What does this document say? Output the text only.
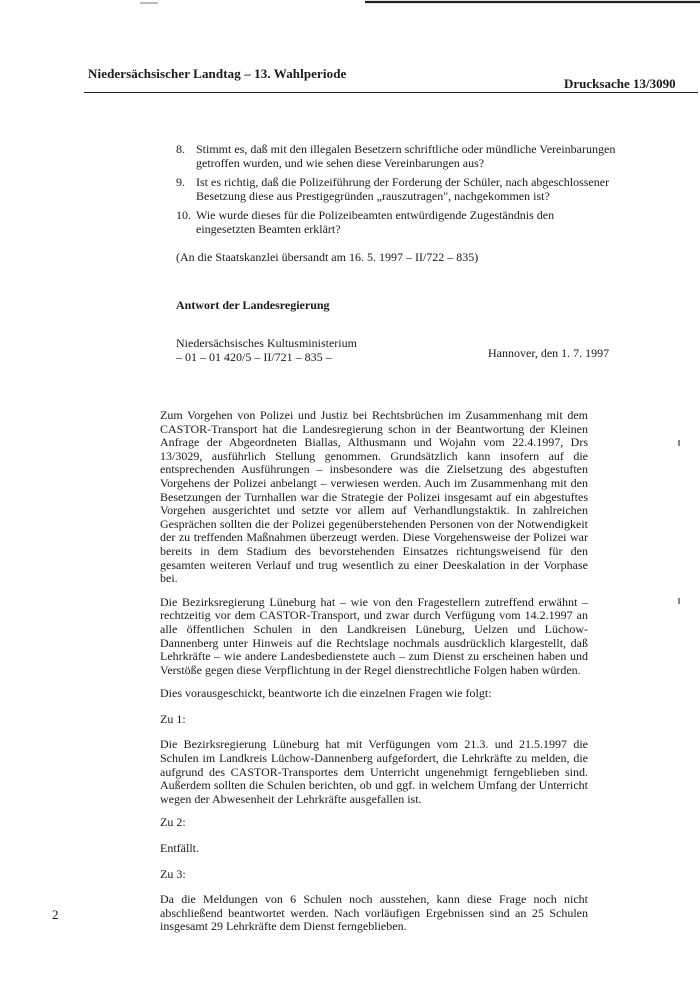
Niedersächsischer Landtag – 13. Wahlperiode
Drucksache 13/3090
8. Stimmt es, daß mit den illegalen Besetzern schriftliche oder mündliche Vereinbarungen getroffen wurden, und wie sehen diese Vereinbarungen aus?
9. Ist es richtig, daß die Polizeiführung der Forderung der Schüler, nach abgeschlossener Besetzung diese aus Prestigegründen „rauszutragen", nachgekommen ist?
10. Wie wurde dieses für die Polizeibeamten entwürdigende Zugeständnis den eingesetzten Beamten erklärt?
(An die Staatskanzlei übersandt am 16. 5. 1997 – II/722 – 835)
Antwort der Landesregierung
Niedersächsisches Kultusministerium
– 01 – 01 420/5 – II/721 – 835 –	Hannover, den 1. 7. 1997

Zum Vorgehen von Polizei und Justiz bei Rechtsbrüchen im Zusammenhang mit dem CASTOR-Transport hat die Landesregierung schon in der Beantwortung der Kleinen Anfrage der Abgeordneten Biallas, Althusmann und Wojahn vom 22.4.1997, Drs 13/3029, ausführlich Stellung genommen. Grundsätzlich kann insofern auf die entsprechenden Ausführungen – insbesondere was die Zielsetzung des abgestuften Vorgehens der Polizei anbelangt – verwiesen werden. Auch im Zusammenhang mit den Besetzungen der Turnhallen war die Strategie der Polizei insgesamt auf ein abgestuftes Vorgehen ausgerichtet und setzte vor allem auf Verhandlungstaktik. In zahlreichen Gesprächen sollten die der Polizei gegenüberstehenden Personen von der Notwendigkeit der zu treffenden Maßnahmen überzeugt werden. Diese Vorgehensweise der Polizei war bereits in dem Stadium des bevorstehenden Einsatzes richtungsweisend für den gesamten weiteren Verlauf und trug wesentlich zu einer Deeskalation in der Vorphase bei.

Die Bezirksregierung Lüneburg hat – wie von den Fragestellern zutreffend erwähnt – rechtzeitig vor dem CASTOR-Transport, und zwar durch Verfügung vom 14.2.1997 an alle öffentlichen Schulen in den Landkreisen Lüneburg, Uelzen und Lüchow-Dannenberg unter Hinweis auf die Rechtslage nochmals ausdrücklich klargestellt, daß Lehrkräfte – wie andere Landesbedienstete auch – zum Dienst zu erscheinen haben und Verstöße gegen diese Verpflichtung in der Regel dienstrechtliche Folgen haben würden.

Dies vorausgeschickt, beantworte ich die einzelnen Fragen wie folgt:

Zu 1:

Die Bezirksregierung Lüneburg hat mit Verfügungen vom 21.3. und 21.5.1997 die Schulen im Landkreis Lüchow-Dannenberg aufgefordert, die Lehrkräfte zu melden, die aufgrund des CASTOR-Transportes dem Unterricht ungenehmigt ferngeblieben sind. Außerdem sollten die Schulen berichten, ob und ggf. in welchem Umfang der Unterricht wegen der Abwesenheit der Lehrkräfte ausgefallen ist.

Zu 2:

Entfällt.

Zu 3:

Da die Meldungen von 6 Schulen noch ausstehen, kann diese Frage noch nicht abschließend beantwortet werden. Nach vorläufigen Ergebnissen sind an 25 Schulen insgesamt 29 Lehrkräfte dem Dienst ferngeblieben.

2
